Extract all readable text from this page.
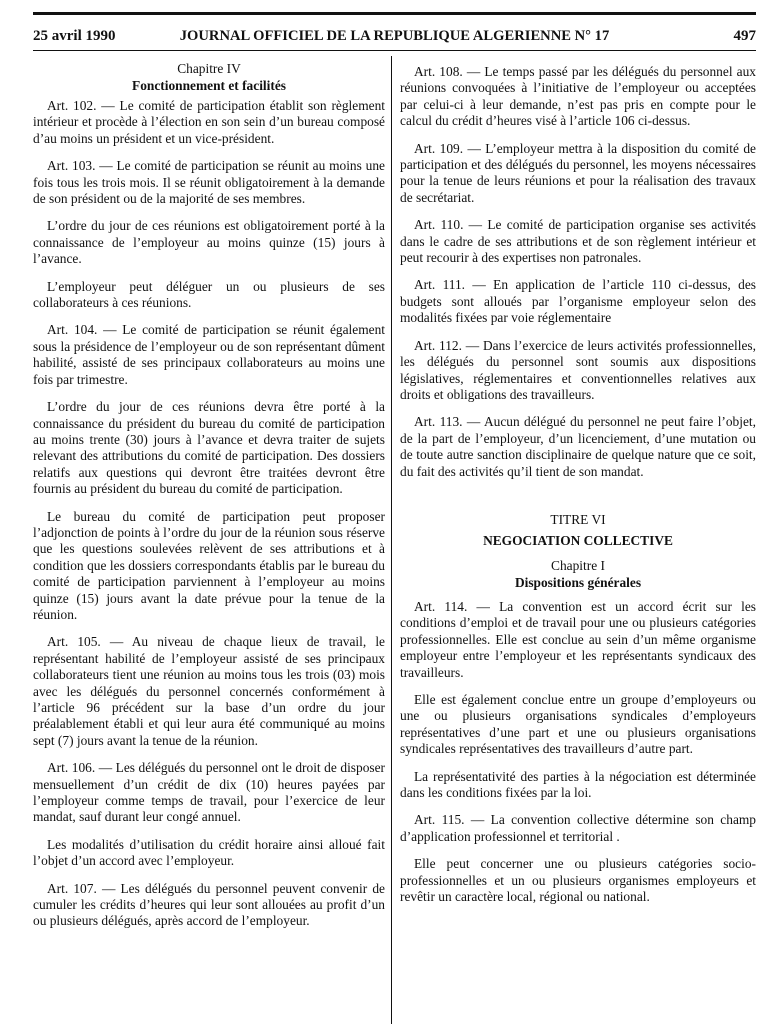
25 avril 1990	JOURNAL OFFICIEL DE LA REPUBLIQUE ALGERIENNE N° 17	497
Chapitre IV
Fonctionnement et facilités

Art. 102. — Le comité de participation établit son règlement intérieur et procède à l’élection en son sein d’un bureau composé d’au moins un président et un vice-président.

Art. 103. — Le comité de participation se réunit au moins une fois tous les trois mois. Il se réunit obligatoirement à la demande de son président ou de la majorité de ses membres.

L’ordre du jour de ces réunions est obligatoirement porté à la connaissance de l’employeur au moins quinze (15) jours à l’avance.

L’employeur peut déléguer un ou plusieurs de ses collaborateurs à ces réunions.

Art. 104. — Le comité de participation se réunit également sous la présidence de l’employeur ou de son représentant dûment habilité, assisté de ses principaux collaborateurs au moins une fois par trimestre.

L’ordre du jour de ces réunions devra être porté à la connaissance du président du bureau du comité de participation au moins trente (30) jours à l’avance et devra traiter de sujets relevant des attributions du comité de participation. Des dossiers relatifs aux questions qui devront être traitées devront être fournis au président du bureau du comité de participation.

Le bureau du comité de participation peut proposer l’adjonction de points à l’ordre du jour de la réunion sous réserve que les questions soulevées relèvent de ses attributions et à condition que les dossiers correspondants établis par le bureau du comité de participation parviennent à l’employeur au moins quinze (15) jours avant la date prévue pour la tenue de la réunion.

Art. 105. — Au niveau de chaque lieux de travail, le représentant habilité de l’employeur assisté de ses principaux collaborateurs tient une réunion au moins tous les trois (03) mois avec les délégués du personnel concernés conformément à l’article 96 précédent sur la base d’un ordre du jour préalablement établi et qui leur aura été communiqué au moins sept (7) jours avant la tenue de la réunion.

Art. 106. — Les délégués du personnel ont le droit de disposer mensuellement d’un crédit de dix (10) heures payées par l’employeur comme temps de travail, pour l’exercice de leur mandat, sauf durant leur congé annuel.

Les modalités d’utilisation du crédit horaire ainsi alloué fait l’objet d’un accord avec l’employeur.

Art. 107. — Les délégués du personnel peuvent convenir de cumuler les crédits d’heures qui leur sont allouées au profit d’un ou plusieurs délégués, après accord de l’employeur.

Art. 108. — Le temps passé par les délégués du personnel aux réunions convoquées à l’initiative de l’employeur ou acceptées par celui-ci à leur demande, n’est pas pris en compte pour le calcul du crédit d’heures visé à l’article 106 ci-dessus.

Art. 109. — L’employeur mettra à la disposition du comité de participation et des délégués du personnel, les moyens nécessaires pour la tenue de leurs réunions et pour la réalisation des travaux de secrétariat.

Art. 110. — Le comité de participation organise ses activités dans le cadre de ses attributions et de son règlement intérieur et peut recourir à des expertises non patronales.

Art. 111. — En application de l’article 110 ci-dessus, des budgets sont alloués par l’organisme employeur selon des modalités fixées par voie réglementaire

Art. 112. — Dans l’exercice de leurs activités professionnelles, les délégués du personnel sont soumis aux dispositions législatives, réglementaires et conventionnelles relatives aux droits et obligations des travailleurs.

Art. 113. — Aucun délégué du personnel ne peut faire l’objet, de la part de l’employeur, d’un licenciement, d’une mutation ou de toute autre sanction disciplinaire de quelque nature que ce soit, du fait des activités qu’il tient de son mandat.

TITRE VI
NEGOCIATION COLLECTIVE
Chapitre I
Dispositions générales

Art. 114. — La convention est un accord écrit sur les conditions d’emploi et de travail pour une ou plusieurs catégories professionnelles. Elle est conclue au sein d’un même organisme employeur entre l’employeur et les représentants syndicaux des travailleurs.

Elle est également conclue entre un groupe d’employeurs ou une ou plusieurs organisations syndicales d’employeurs représentatives d’une part et une ou plusieurs organisations syndicales représentatives des travailleurs d’autre part.

La représentativité des parties à la négociation est déterminée dans les conditions fixées par la loi.

Art. 115. — La convention collective détermine son champ d’application professionnel et territorial .

Elle peut concerner une ou plusieurs catégories socio-professionnelles et un ou plusieurs organismes employeurs et revêtir un caractère local, régional ou national.
